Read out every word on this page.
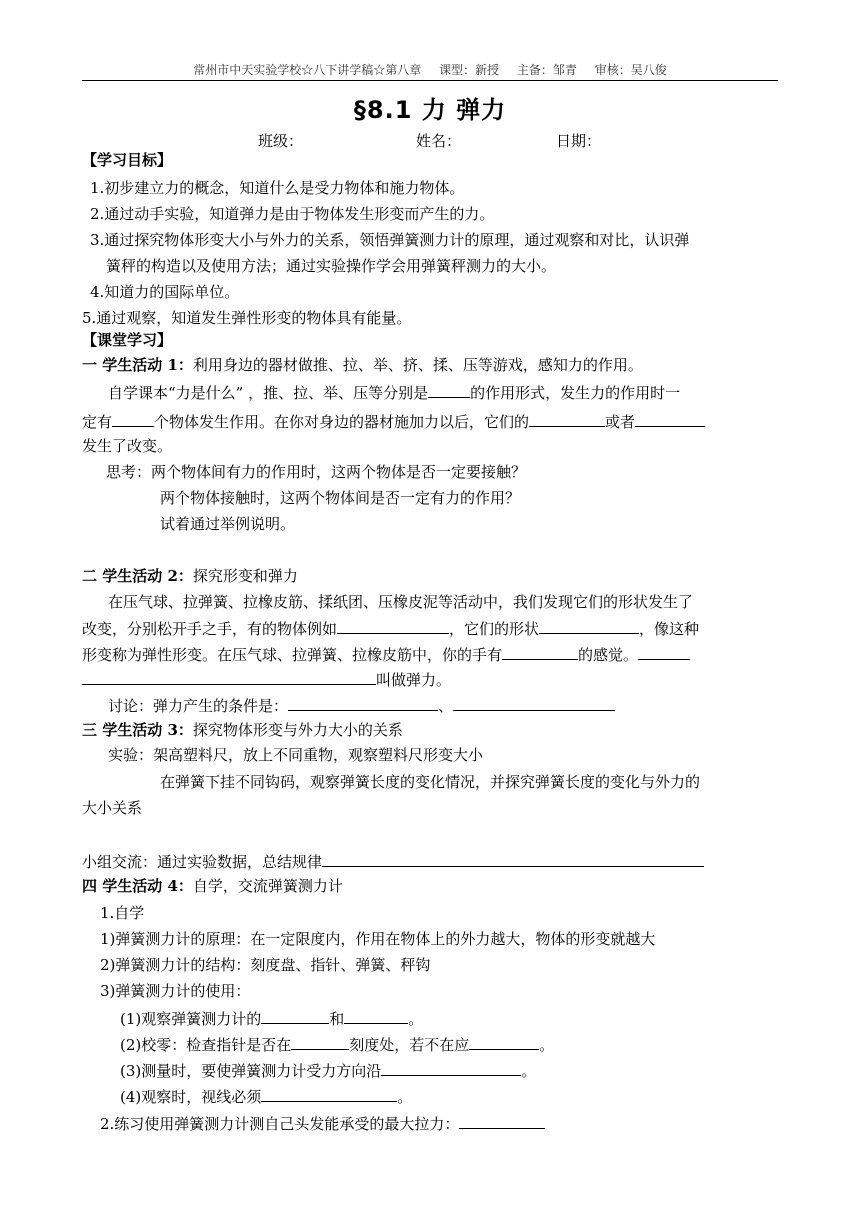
常州市中天实验学校☆八下讲学稿☆第八章 课型：新授 主备：邹青 审核：吴八俊
§8.1 力 弹力
班级：	姓名：	日期：
【学习目标】
1.初步建立力的概念，知道什么是受力物体和施力物体。
2.通过动手实验，知道弹力是由于物体发生形变而产生的力。
3.通过探究物体形变大小与外力的关系，领悟弹簧测力计的原理，通过观察和对比，认识弹
簧秤的构造以及使用方法；通过实验操作学会用弹簧秤测力的大小。
4.知道力的国际单位。
5.通过观察，知道发生弹性形变的物体具有能量。
【课堂学习】
一 学生活动 1：利用身边的器材做推、拉、举、挤、揉、压等游戏，感知力的作用。
自学课本“力是什么” ，推、拉、举、压等分别是	的作用形式，发生力的作用时一
定有	个物体发生作用。在你对身边的器材施加力以后，它们的	或者
发生了改变。
思考：两个物体间有力的作用时，这两个物体是否一定要接触？
两个物体接触时，这两个物体间是否一定有力的作用？
试着通过举例说明。
二 学生活动 2：探究形变和弹力
在压气球、拉弹簧、拉橡皮筋、揉纸团、压橡皮泥等活动中，我们发现它们的形状发生了
改变，分别松开手之手，有的物体例如	，它们的形状	，像这种
形变称为弹性形变。在压气球、拉弹簧、拉橡皮筋中，你的手有	的感觉。
叫做弹力。
讨论：弹力产生的条件是：	、
三 学生活动 3：探究物体形变与外力大小的关系
实验：架高塑料尺，放上不同重物，观察塑料尺形变大小
在弹簧下挂不同钩码，观察弹簧长度的变化情况，并探究弹簧长度的变化与外力的
大小关系
小组交流：通过实验数据，总结规律
四 学生活动 4：自学，交流弹簧测力计
1.自学
1)弹簧测力计的原理：在一定限度内，作用在物体上的外力越大，物体的形变就越大
2)弹簧测力计的结构：刻度盘、指针、弹簧、秤钩
3)弹簧测力计的使用：
(1)观察弹簧测力计的	和	。
(2)校零：检查指针是否在	刻度处，若不在应	。
(3)测量时，要使弹簧测力计受力方向沿	。
(4)观察时，视线必须	。
2.练习使用弹簧测力计测自己头发能承受的最大拉力：
